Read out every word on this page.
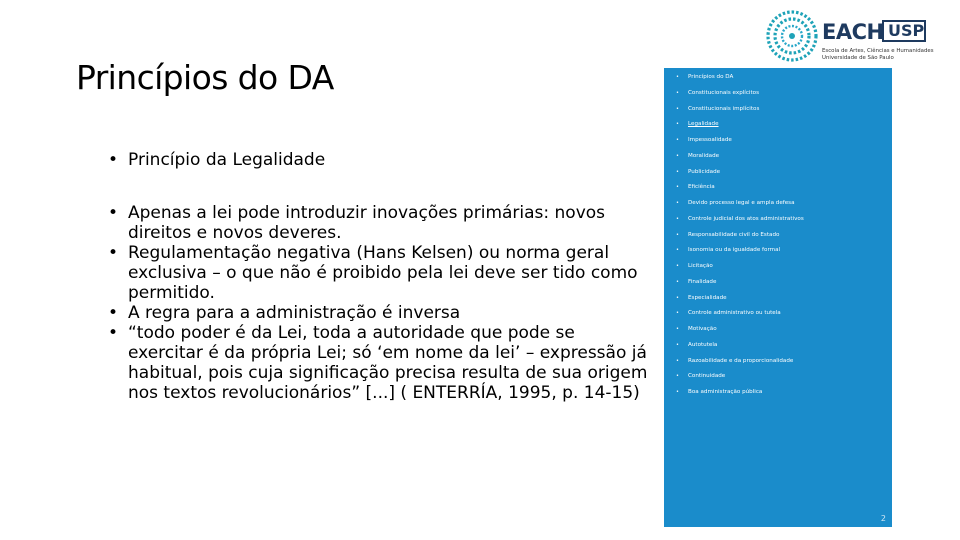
Princípios do DA

• Princípio da Legalidade

• Apenas a lei pode introduzir inovações primárias: novos direitos e novos deveres.
• Regulamentação negativa (Hans Kelsen) ou norma geral exclusiva – o que não é proibido pela lei deve ser tido como permitido.
• A regra para a administração é inversa
• “todo poder é da Lei, toda a autoridade que pode se exercitar é da própria Lei; só ‘em nome da lei’ – expressão já habitual, pois cuja significação precisa resulta de sua origem nos textos revolucionários” [...] ( ENTERRÍA, 1995, p. 14-15)
EACH USP
Escola de Artes, Ciências e Humanidades
Universidade de São Paulo
• Princípios do DA
• Constitucionais explícitos
• Constitucionais implícitos
• Legalidade
• Impessoalidade
• Moralidade
• Publicidade
• Eficiência
• Devido processo legal e ampla defesa
• Controle judicial dos atos administrativos
• Responsabilidade civil do Estado
• Isonomia ou da igualdade formal
• Licitação
• Finalidade
• Especialidade
• Controle administrativo ou tutela
• Motivação
• Autotutela
• Razoabilidade e da proporcionalidade
• Continuidade
• Boa administração pública
2
